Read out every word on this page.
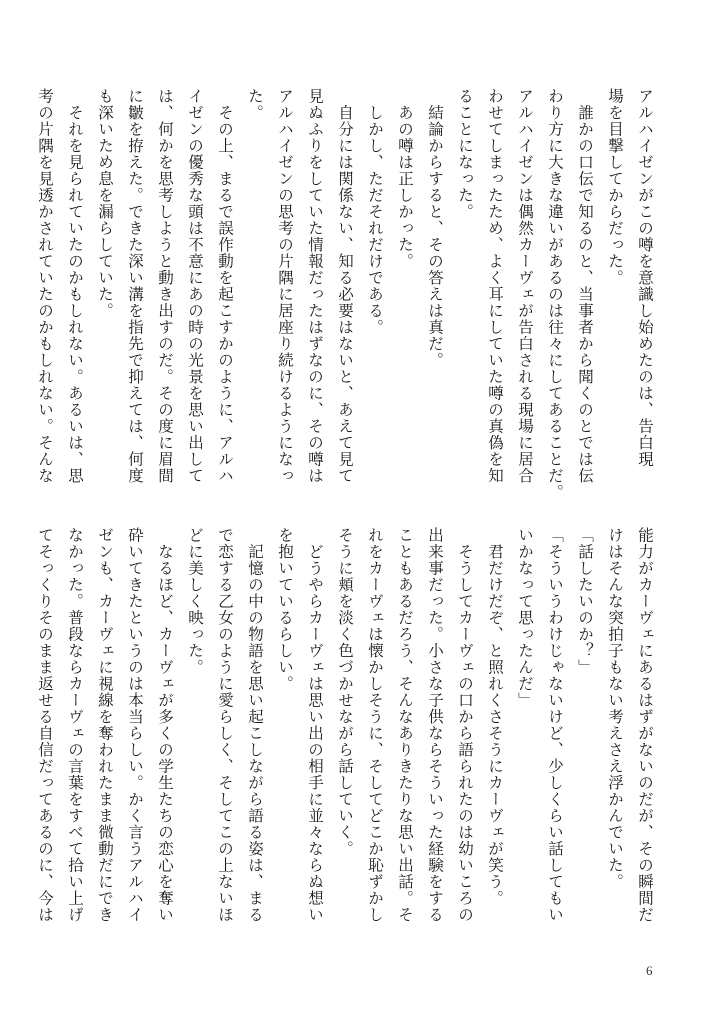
アルハイゼンがこの噂を意識し始めたのは、告白現
場を目撃してからだった。
　誰かの口伝で知るのと、当事者から聞くのとでは伝
わり方に大きな違いがあるのは往々にしてあることだ。
アルハイゼンは偶然カーヴェが告白される現場に居合
わせてしまったため、よく耳にしていた噂の真偽を知
ることになった。
　結論からすると、その答えは真だ。
　あの噂は正しかった。
　しかし、ただそれだけである。
　自分には関係ない、知る必要はないと、あえて見て
見ぬふりをしていた情報だったはずなのに、その噂は
アルハイゼンの思考の片隅に居座り続けるようになっ
た。
　その上、まるで誤作動を起こすかのように、アルハ
イゼンの優秀な頭は不意にあの時の光景を思い出して
は、何かを思考しようと動き出すのだ。その度に眉間
に皺を拵えた。できた深い溝を指先で抑えては、何度
も深いため息を漏らしていた。
　それを見られていたのかもしれない。あるいは、思
考の片隅を見透かされていたのかもしれない。そんな
能力がカーヴェにあるはずがないのだが、その瞬間だ
けはそんな突拍子もない考えさえ浮かんでいた。
「話したいのか？」
「そういうわけじゃないけど、少しくらい話してもい
いかなって思ったんだ」
　君だけだぞ、と照れくさそうにカーヴェが笑う。
　そうしてカーヴェの口から語られたのは幼いころの
出来事だった。小さな子供ならそういった経験をする
こともあるだろう、そんなありきたりな思い出話。そ
れをカーヴェは懐かしそうに、そしてどこか恥ずかし
そうに頬を淡く色づかせながら話していく。
　どうやらカーヴェは思い出の相手に並々ならぬ想い
を抱いているらしい。
　記憶の中の物語を思い起こしながら語る姿は、まる
で恋する乙女のように愛らしく、そしてこの上ないほ
どに美しく映った。
　なるほど、カーヴェが多くの学生たちの恋心を奪い
砕いてきたというのは本当らしい。かく言うアルハイ
ゼンも、カーヴェに視線を奪われたまま微動だにでき
なかった。普段ならカーヴェの言葉をすべて拾い上げ
てそっくりそのまま返せる自信だってあるのに、今は
6
